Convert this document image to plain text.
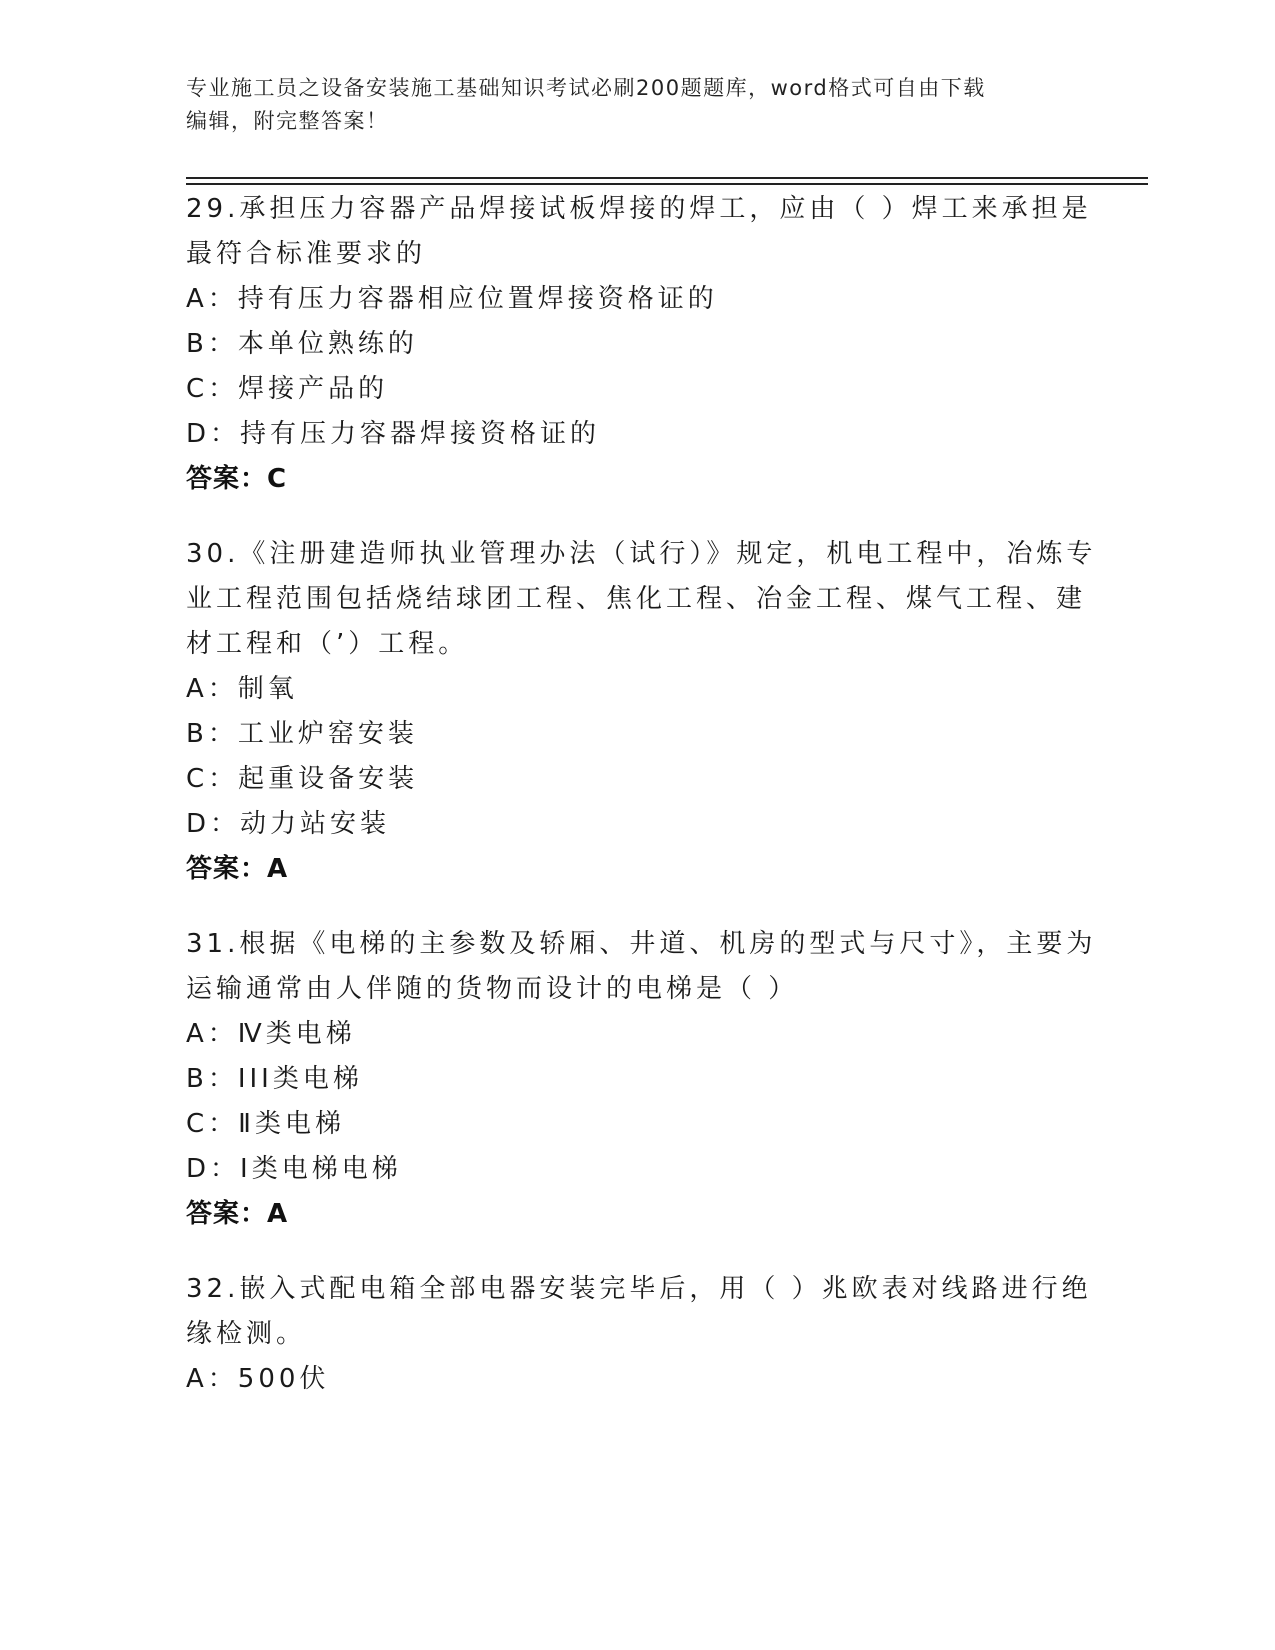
专业施工员之设备安装施工基础知识考试必刷200题题库，word格式可自由下载
编辑，附完整答案！
29.承担压力容器产品焊接试板焊接的焊工，应由（ ）焊工来承担是
最符合标准要求的
A：持有压力容器相应位置焊接资格证的
B：本单位熟练的
C：焊接产品的
D：持有压力容器焊接资格证的
答案：C
30.《注册建造师执业管理办法（试行）》规定，机电工程中，冶炼专
业工程范围包括烧结球团工程、焦化工程、冶金工程、煤气工程、建
材工程和（’）工程。
A：制氧
B：工业炉窑安装
C：起重设备安装
D：动力站安装
答案：A
31.根据《电梯的主参数及轿厢、井道、机房的型式与尺寸》，主要为
运输通常由人伴随的货物而设计的电梯是（ ）
A：Ⅳ类电梯
B：III类电梯
C：Ⅱ类电梯
D：Ⅰ类电梯电梯
答案：A
32.嵌入式配电箱全部电器安装完毕后，用（ ）兆欧表对线路进行绝
缘检测。
A：500伏
